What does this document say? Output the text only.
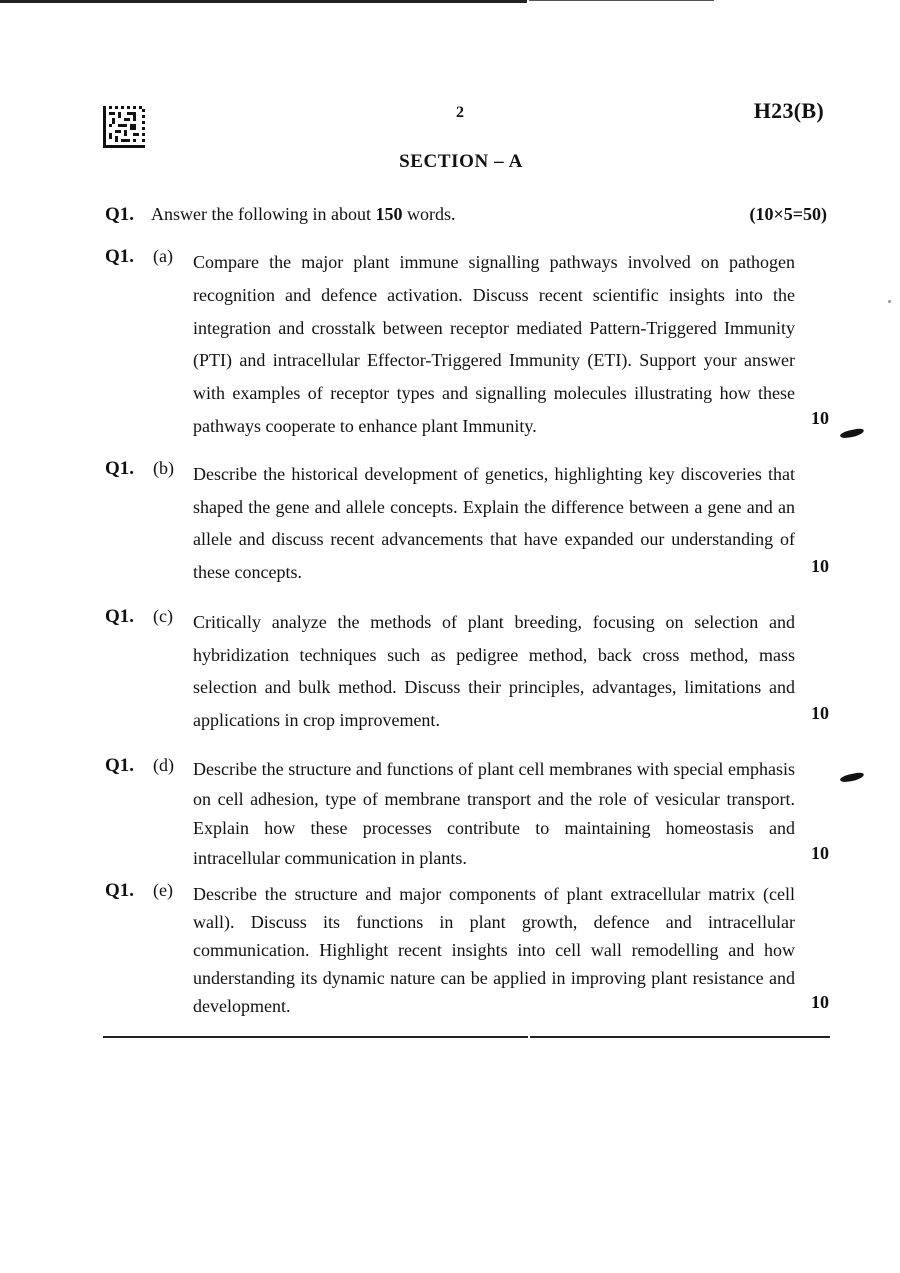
2	H23(B)
SECTION – A
Q1. Answer the following in about 150 words.	(10×5=50)
Q1. (a) Compare the major plant immune signalling pathways involved on pathogen recognition and defence activation. Discuss recent scientific insights into the integration and crosstalk between receptor mediated Pattern-Triggered Immunity (PTI) and intracellular Effector-Triggered Immunity (ETI). Support your answer with examples of receptor types and signalling molecules illustrating how these pathways cooperate to enhance plant Immunity.	10
Q1. (b) Describe the historical development of genetics, highlighting key discoveries that shaped the gene and allele concepts. Explain the difference between a gene and an allele and discuss recent advancements that have expanded our understanding of these concepts.	10
Q1. (c) Critically analyze the methods of plant breeding, focusing on selection and hybridization techniques such as pedigree method, back cross method, mass selection and bulk method. Discuss their principles, advantages, limitations and applications in crop improvement.	10
Q1. (d) Describe the structure and functions of plant cell membranes with special emphasis on cell adhesion, type of membrane transport and the role of vesicular transport. Explain how these processes contribute to maintaining homeostasis and intracellular communication in plants.	10
Q1. (e) Describe the structure and major components of plant extracellular matrix (cell wall). Discuss its functions in plant growth, defence and intracellular communication. Highlight recent insights into cell wall remodelling and how understanding its dynamic nature can be applied in improving plant resistance and development.	10
